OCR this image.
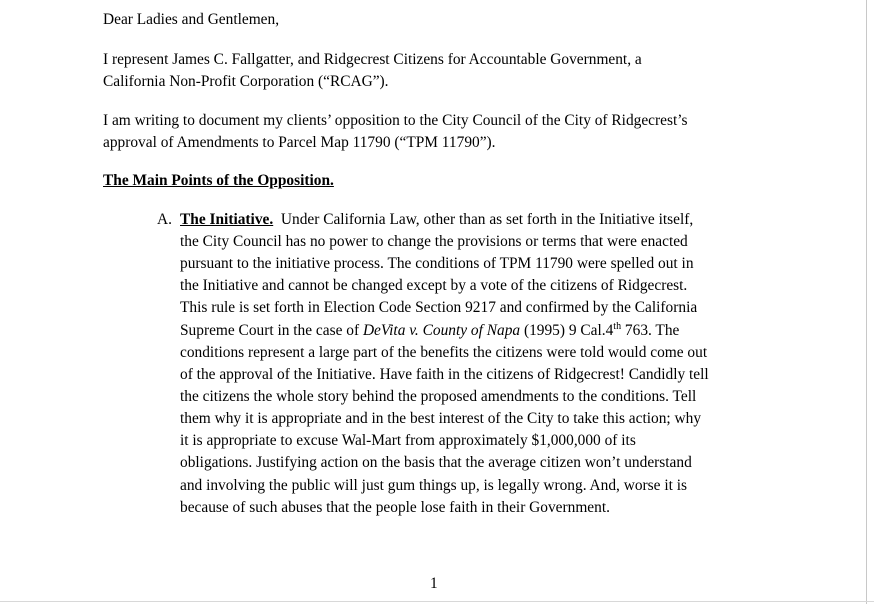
Dear Ladies and Gentlemen,
I represent James C. Fallgatter, and Ridgecrest Citizens for Accountable Government, a
California Non-Profit Corporation (“RCAG”).
I am writing to document my clients’ opposition to the City Council of the City of Ridgecrest’s
approval of Amendments to Parcel Map 11790 (“TPM 11790”).
The Main Points of the Opposition.
A. The Initiative. Under California Law, other than as set forth in the Initiative itself,
the City Council has no power to change the provisions or terms that were enacted
pursuant to the initiative process. The conditions of TPM 11790 were spelled out in
the Initiative and cannot be changed except by a vote of the citizens of Ridgecrest.
This rule is set forth in Election Code Section 9217 and confirmed by the California
Supreme Court in the case of DeVita v. County of Napa (1995) 9 Cal.4th 763. The
conditions represent a large part of the benefits the citizens were told would come out
of the approval of the Initiative. Have faith in the citizens of Ridgecrest! Candidly tell
the citizens the whole story behind the proposed amendments to the conditions. Tell
them why it is appropriate and in the best interest of the City to take this action; why
it is appropriate to excuse Wal-Mart from approximately $1,000,000 of its
obligations. Justifying action on the basis that the average citizen won’t understand
and involving the public will just gum things up, is legally wrong. And, worse it is
because of such abuses that the people lose faith in their Government.
1
